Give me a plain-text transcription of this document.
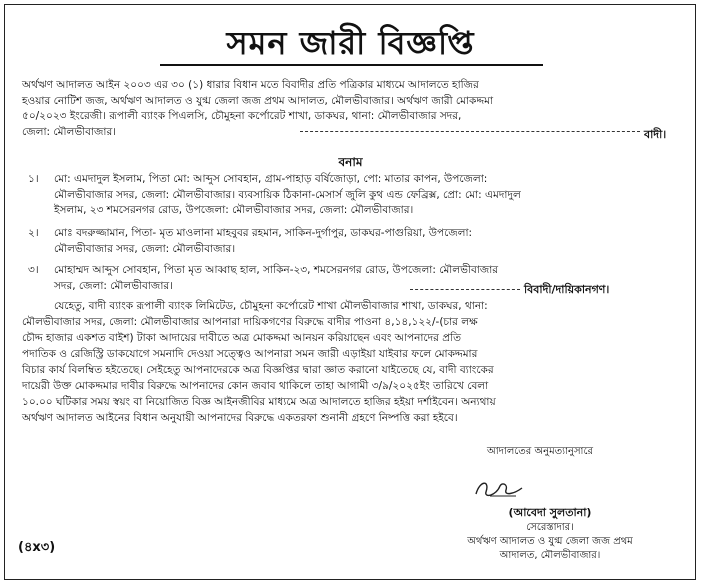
সমন জারী বিজ্ঞপ্তি
অর্থঋণ আদালত আইন ২০০৩ এর ৩০ (১) ধারার বিধান মতে বিবাদীর প্রতি পত্রিকার মাধ্যমে আদালতে হাজির
হওয়ার নোটিশ জজ, অর্থঋণ আদালত ও যুগ্ম জেলা জজ প্রথম আদালত, মৌলভীবাজার। অর্থঋণ জারী মোকদ্দমা
৫০/২০২৩ ইংরেজী। রূপালী ব্যাংক পিএলসি, চৌমুহনা কর্পোরেট শাখা, ডাকঘর, থানা: মৌলভীবাজার সদর,
জেলা: মৌলভীবাজার।	বাদী।
বনাম
১। মো: এমদাদুল ইসলাম, পিতা মো: আব্দুস সোবহান, গ্রাম-পাহাড় বর্ষিজোড়া, পো: মাতার কাপন, উপজেলা:
মৌলভীবাজার সদর, জেলা: মৌলভীবাজার। ব্যবসায়িক ঠিকানা-মেসার্স জুলি কুথ এন্ড ফেব্রিক্স, প্রো: মো: এমদাদুল
ইসলাম, ২৩ শমসেরনগর রোড, উপজেলা: মৌলভীবাজার সদর, জেলা: মৌলভীবাজার।
২। মোঃ বদরুজ্জামান, পিতা- মৃত মাওলানা মাহবুবর রহমান, সাকিন-দুর্গাপুর, ডাকঘর-পাগুরিয়া, উপজেলা:
মৌলভীবাজার সদর, জেলা: মৌলভীবাজার।
৩। মোহাম্মদ আব্দুস সোবহান, পিতা মৃত আব্বাছ হাল, সাকিন-২৩, শমসেরনগর রোড, উপজেলা: মৌলভীবাজার
সদর, জেলা: মৌলভীবাজার।	বিবাদী/দায়িকানগণ।
যেহেতু, বাদী ব্যাংক রূপালী ব্যাংক লিমিটেড, চৌমুহনা কর্পোরেট শাখা মৌলভীবাজার শাখা, ডাকঘর, থানা:
মৌলভীবাজার সদর, জেলা: মৌলভীবাজার আপনারা দায়িকগণের বিরুদ্ধে বাদীর পাওনা ৪,১৪,১২২/-(চার লক্ষ
চৌদ্দ হাজার একশত বাইশ) টাকা আদায়ের দাবীতে অত্র মোকদ্দমা আনয়ন করিয়াছেন এবং আপনাদের প্রতি
পদাতিক ও রেজিস্ট্রি ডাকযোগে সমনাদি দেওয়া সত্ত্বেও আপনারা সমন জারী এড়াইয়া যাইবার ফলে মোকদ্দমার
বিচার কার্য বিলম্বিত হইতেছে। সেইহেতু আপনাদেরকে অত্র বিজ্ঞপ্তির দ্বারা জ্ঞাত করানো যাইতেছে যে, বাদী ব্যাংকের
দায়েরী উক্ত মোকদ্দমার দাবীর বিরুদ্ধে আপনাদের কোন জবাব থাকিলে তাহা আগামী ৩/৯/২০২৫ইং তারিখে বেলা
১০.০০ ঘটিকার সময় স্বয়ং বা নিয়োজিত বিজ্ঞ আইনজীবির মাধ্যমে অত্র আদালতে হাজির হইয়া দর্শাইবেন। অন্যথায়
অর্থঋণ আদালত আইনের বিধান অনুযায়ী আপনাদের বিরুদ্ধে একতরফা শুনানী গ্রহণে নিষ্পত্তি করা হইবে।
আদালতের অনুমত্যানুসারে
(আবেদা সুলতানা)
সেরেস্তাদার।
অর্থঋণ আদালত ও যুগ্ম জেলা জজ প্রথম
আদালত, মৌলভীবাজার।
(৪x৩)
